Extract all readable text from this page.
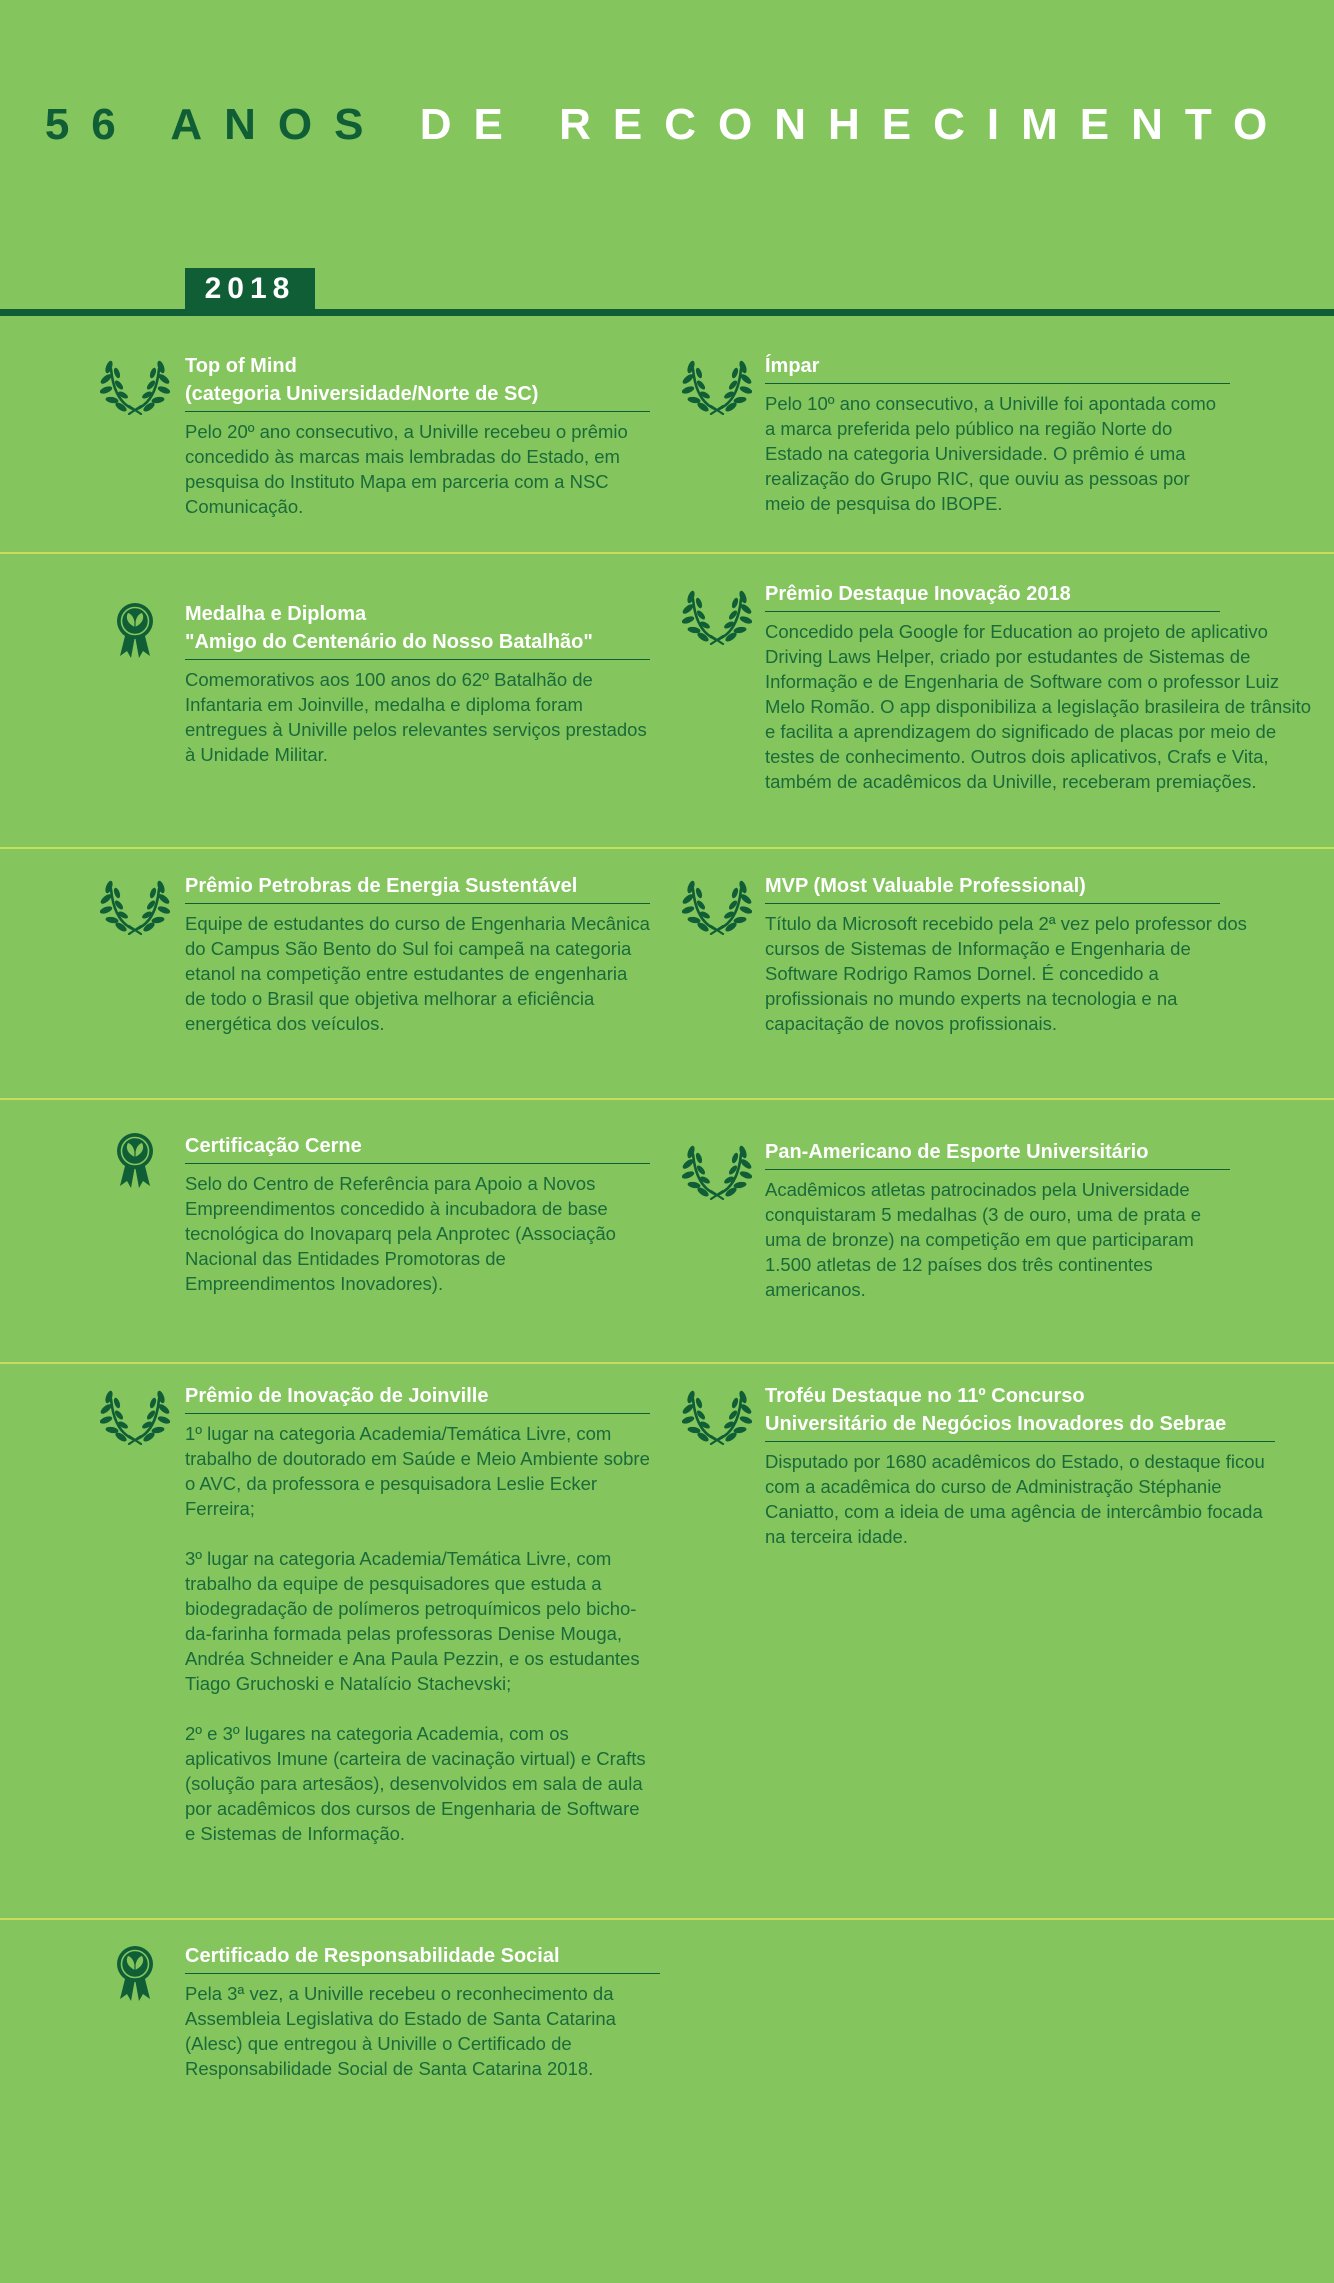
56 ANOS DE RECONHECIMENTO
2018
Top of Mind
(categoria Universidade/Norte de SC)

Pelo 20º ano consecutivo, a Univille recebeu o prêmio concedido às marcas mais lembradas do Estado, em pesquisa do Instituto Mapa em parceria com a NSC Comunicação.

Ímpar

Pelo 10º ano consecutivo, a Univille foi apontada como a marca preferida pelo público na região Norte do Estado na categoria Universidade. O prêmio é uma realização do Grupo RIC, que ouviu as pessoas por meio de pesquisa do IBOPE.

Medalha e Diploma
"Amigo do Centenário do Nosso Batalhão"

Comemorativos aos 100 anos do 62º Batalhão de Infantaria em Joinville, medalha e diploma foram entregues à Univille pelos relevantes serviços prestados à Unidade Militar.

Prêmio Destaque Inovação 2018

Concedido pela Google for Education ao projeto de aplicativo Driving Laws Helper, criado por estudantes de Sistemas de Informação e de Engenharia de Software com o professor Luiz Melo Romão. O app disponibiliza a legislação brasileira de trânsito e facilita a aprendizagem do significado de placas por meio de testes de conhecimento. Outros dois aplicativos, Crafs e Vita, também de acadêmicos da Univille, receberam premiações.

Prêmio Petrobras de Energia Sustentável

Equipe de estudantes do curso de Engenharia Mecânica do Campus São Bento do Sul foi campeã na categoria etanol na competição entre estudantes de engenharia de todo o Brasil que objetiva melhorar a eficiência energética dos veículos.

MVP (Most Valuable Professional)

Título da Microsoft recebido pela 2ª vez pelo professor dos cursos de Sistemas de Informação e Engenharia de Software Rodrigo Ramos Dornel. É concedido a profissionais no mundo experts na tecnologia e na capacitação de novos profissionais.

Certificação Cerne

Selo do Centro de Referência para Apoio a Novos Empreendimentos concedido à incubadora de base tecnológica do Inovaparq pela Anprotec (Associação Nacional das Entidades Promotoras de Empreendimentos Inovadores).

Pan-Americano de Esporte Universitário

Acadêmicos atletas patrocinados pela Universidade conquistaram 5 medalhas (3 de ouro, uma de prata e uma de bronze) na competição em que participaram 1.500 atletas de 12 países dos três continentes americanos.

Prêmio de Inovação de Joinville

1º lugar na categoria Academia/Temática Livre, com trabalho de doutorado em Saúde e Meio Ambiente sobre o AVC, da professora e pesquisadora Leslie Ecker Ferreira;

3º lugar na categoria Academia/Temática Livre, com trabalho da equipe de pesquisadores que estuda a biodegradação de polímeros petroquímicos pelo bicho-da-farinha formada pelas professoras Denise Mouga, Andréa Schneider e Ana Paula Pezzin, e os estudantes Tiago Gruchoski e Natalício Stachevski;

2º e 3º lugares na categoria Academia, com os aplicativos Imune (carteira de vacinação virtual) e Crafts (solução para artesãos), desenvolvidos em sala de aula por acadêmicos dos cursos de Engenharia de Software e Sistemas de Informação.

Troféu Destaque no 11º Concurso
Universitário de Negócios Inovadores do Sebrae

Disputado por 1680 acadêmicos do Estado, o destaque ficou com a acadêmica do curso de Administração Stéphanie Caniatto, com a ideia de uma agência de intercâmbio focada na terceira idade.

Certificado de Responsabilidade Social

Pela 3ª vez, a Univille recebeu o reconhecimento da Assembleia Legislativa do Estado de Santa Catarina (Alesc) que entregou à Univille o Certificado de Responsabilidade Social de Santa Catarina 2018.
